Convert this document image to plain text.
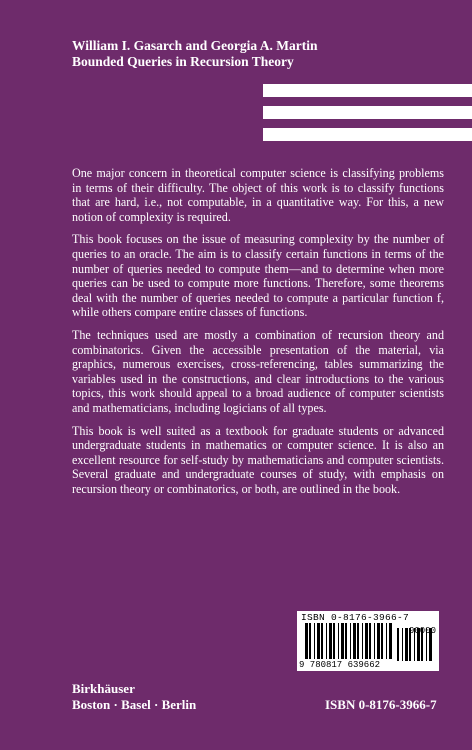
William I. Gasarch and Georgia A. Martin
Bounded Queries in Recursion Theory

One major concern in theoretical computer science is classifying problems in terms of their difficulty. The object of this work is to classify functions that are hard, i.e., not computable, in a quantitative way. For this, a new notion of complexity is required.

This book focuses on the issue of measuring complexity by the number of queries to an oracle. The aim is to classify certain functions in terms of the number of queries needed to compute them—and to determine when more queries can be used to compute more functions. Therefore, some theorems deal with the number of queries needed to compute a particular function f, while others compare entire classes of functions.

The techniques used are mostly a combination of recursion theory and combinatorics. Given the accessible presentation of the material, via graphics, numerous exercises, cross-referencing, tables summarizing the variables used in the constructions, and clear introductions to the various topics, this work should appeal to a broad audience of computer scientists and mathematicians, including logicians of all types.

This book is well suited as a textbook for graduate students or advanced undergraduate students in mathematics or computer science. It is also an excellent resource for self-study by mathematicians and computer scientists. Several graduate and undergraduate courses of study, with emphasis on recursion theory or combinatorics, or both, are outlined in the book.

ISBN 0-8176-3966-7
90000
9 780817 639662
Birkhäuser
Boston · Basel · Berlin	ISBN 0-8176-3966-7
